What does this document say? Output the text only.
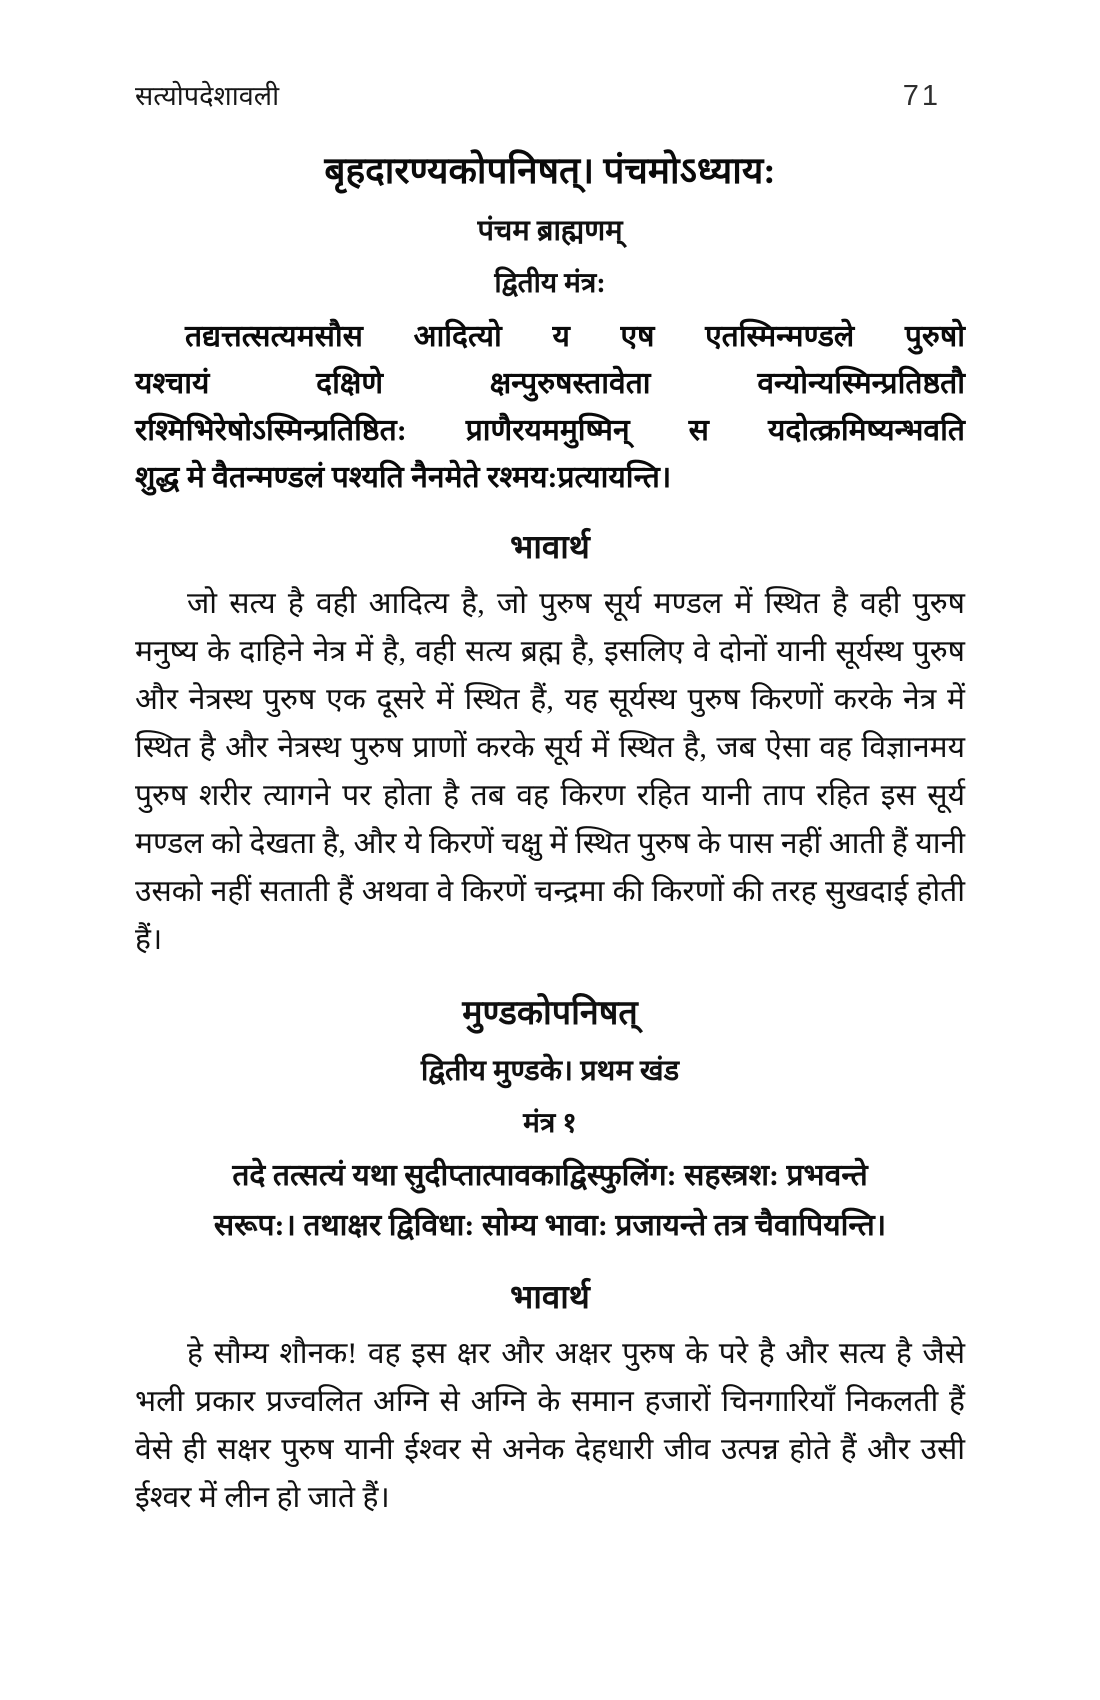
सत्योपदेशावली	71
बृहदारण्यकोपनिषत्। पंचमोऽध्याय:
पंचम ब्राह्मणम्
द्वितीय मंत्र:
तद्यत्तत्सत्यमसौस आदित्यो य एष एतस्मिन्मण्डले पुरुषो
यश्चायं दक्षिणे क्षन्पुरुषस्तावेता वन्योन्यस्मिन्प्रतिष्ठतौ
रश्मिभिरेषोऽस्मिन्प्रतिष्ठित: प्राणैरयममुष्मिन् स यदोत्क्रमिष्यन्भवति
शुद्ध मे वैतन्मण्डलं पश्यति नैनमेते रश्मय:प्रत्यायन्ति।
भावार्थ
जो सत्य है वही आदित्य है, जो पुरुष सूर्य मण्डल में स्थित है वही पुरुष मनुष्य के दाहिने नेत्र में है, वही सत्य ब्रह्म है, इसलिए वे दोनों यानी सूर्यस्थ पुरुष और नेत्रस्थ पुरुष एक दूसरे में स्थित हैं, यह सूर्यस्थ पुरुष किरणों करके नेत्र में स्थित है और नेत्रस्थ पुरुष प्राणों करके सूर्य में स्थित है, जब ऐसा वह विज्ञानमय पुरुष शरीर त्यागने पर होता है तब वह किरण रहित यानी ताप रहित इस सूर्य मण्डल को देखता है, और ये किरणें चक्षु में स्थित पुरुष के पास नहीं आती हैं यानी उसको नहीं सताती हैं अथवा वे किरणें चन्द्रमा की किरणों की तरह सुखदाई होती हैं।
मुण्डकोपनिषत्
द्वितीय मुण्डके। प्रथम खंड
मंत्र १
तदे तत्सत्यं यथा सुदीप्तात्पावकाद्विस्फुलिंग: सहस्त्रश: प्रभवन्ते
सरूप:। तथाक्षर द्विविधा: सोम्य भावा: प्रजायन्ते तत्र चैवापियन्ति।
भावार्थ
हे सौम्य शौनक! वह इस क्षर और अक्षर पुरुष के परे है और सत्य है जैसे भली प्रकार प्रज्वलित अग्नि से अग्नि के समान हजारों चिनगारियाँ निकलती हैं वेसे ही सक्षर पुरुष यानी ईश्वर से अनेक देहधारी जीव उत्पन्न होते हैं और उसी ईश्वर में लीन हो जाते हैं।
